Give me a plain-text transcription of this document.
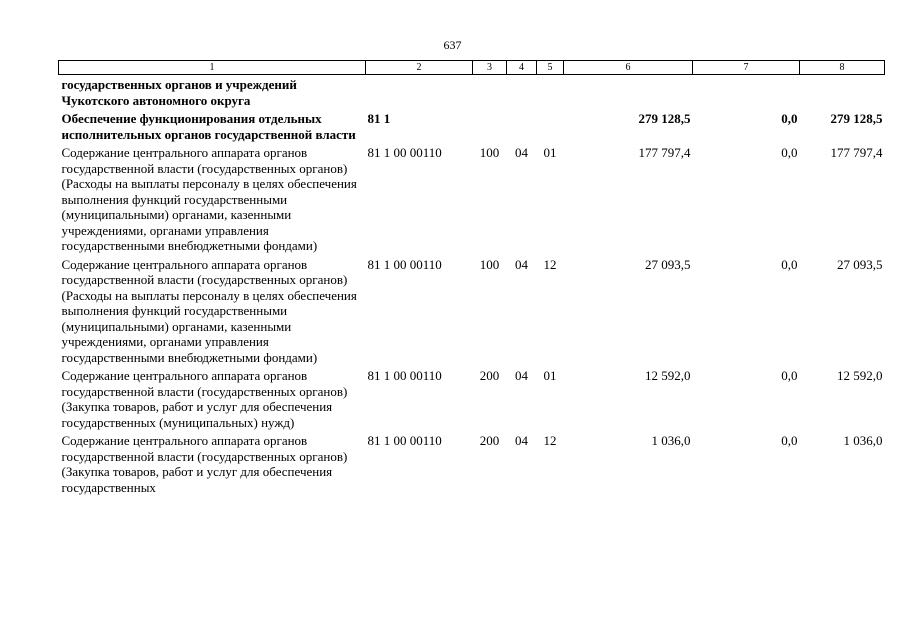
637
1	2	3	4	5	6	7	8
государственных органов и учреждений Чукотского автономного округа							
Обеспечение функционирования отдельных исполнительных органов государственной власти	81 1				279 128,5	0,0	279 128,5
Содержание центрального аппарата органов государственной власти (государственных органов) (Расходы на выплаты персоналу в целях обеспечения выполнения функций государственными (муниципальными) органами, казенными учреждениями, органами управления государственными внебюджетными фондами)	81 1 00 00110	100	04	01	177 797,4	0,0	177 797,4
Содержание центрального аппарата органов государственной власти (государственных органов) (Расходы на выплаты персоналу в целях обеспечения выполнения функций государственными (муниципальными) органами, казенными учреждениями, органами управления государственными внебюджетными фондами)	81 1 00 00110	100	04	12	27 093,5	0,0	27 093,5
Содержание центрального аппарата органов государственной власти (государственных органов) (Закупка товаров, работ и услуг для обеспечения государственных (муниципальных) нужд)	81 1 00 00110	200	04	01	12 592,0	0,0	12 592,0
Содержание центрального аппарата органов государственной власти (государственных органов) (Закупка товаров, работ и услуг для обеспечения государственных	81 1 00 00110	200	04	12	1 036,0	0,0	1 036,0
